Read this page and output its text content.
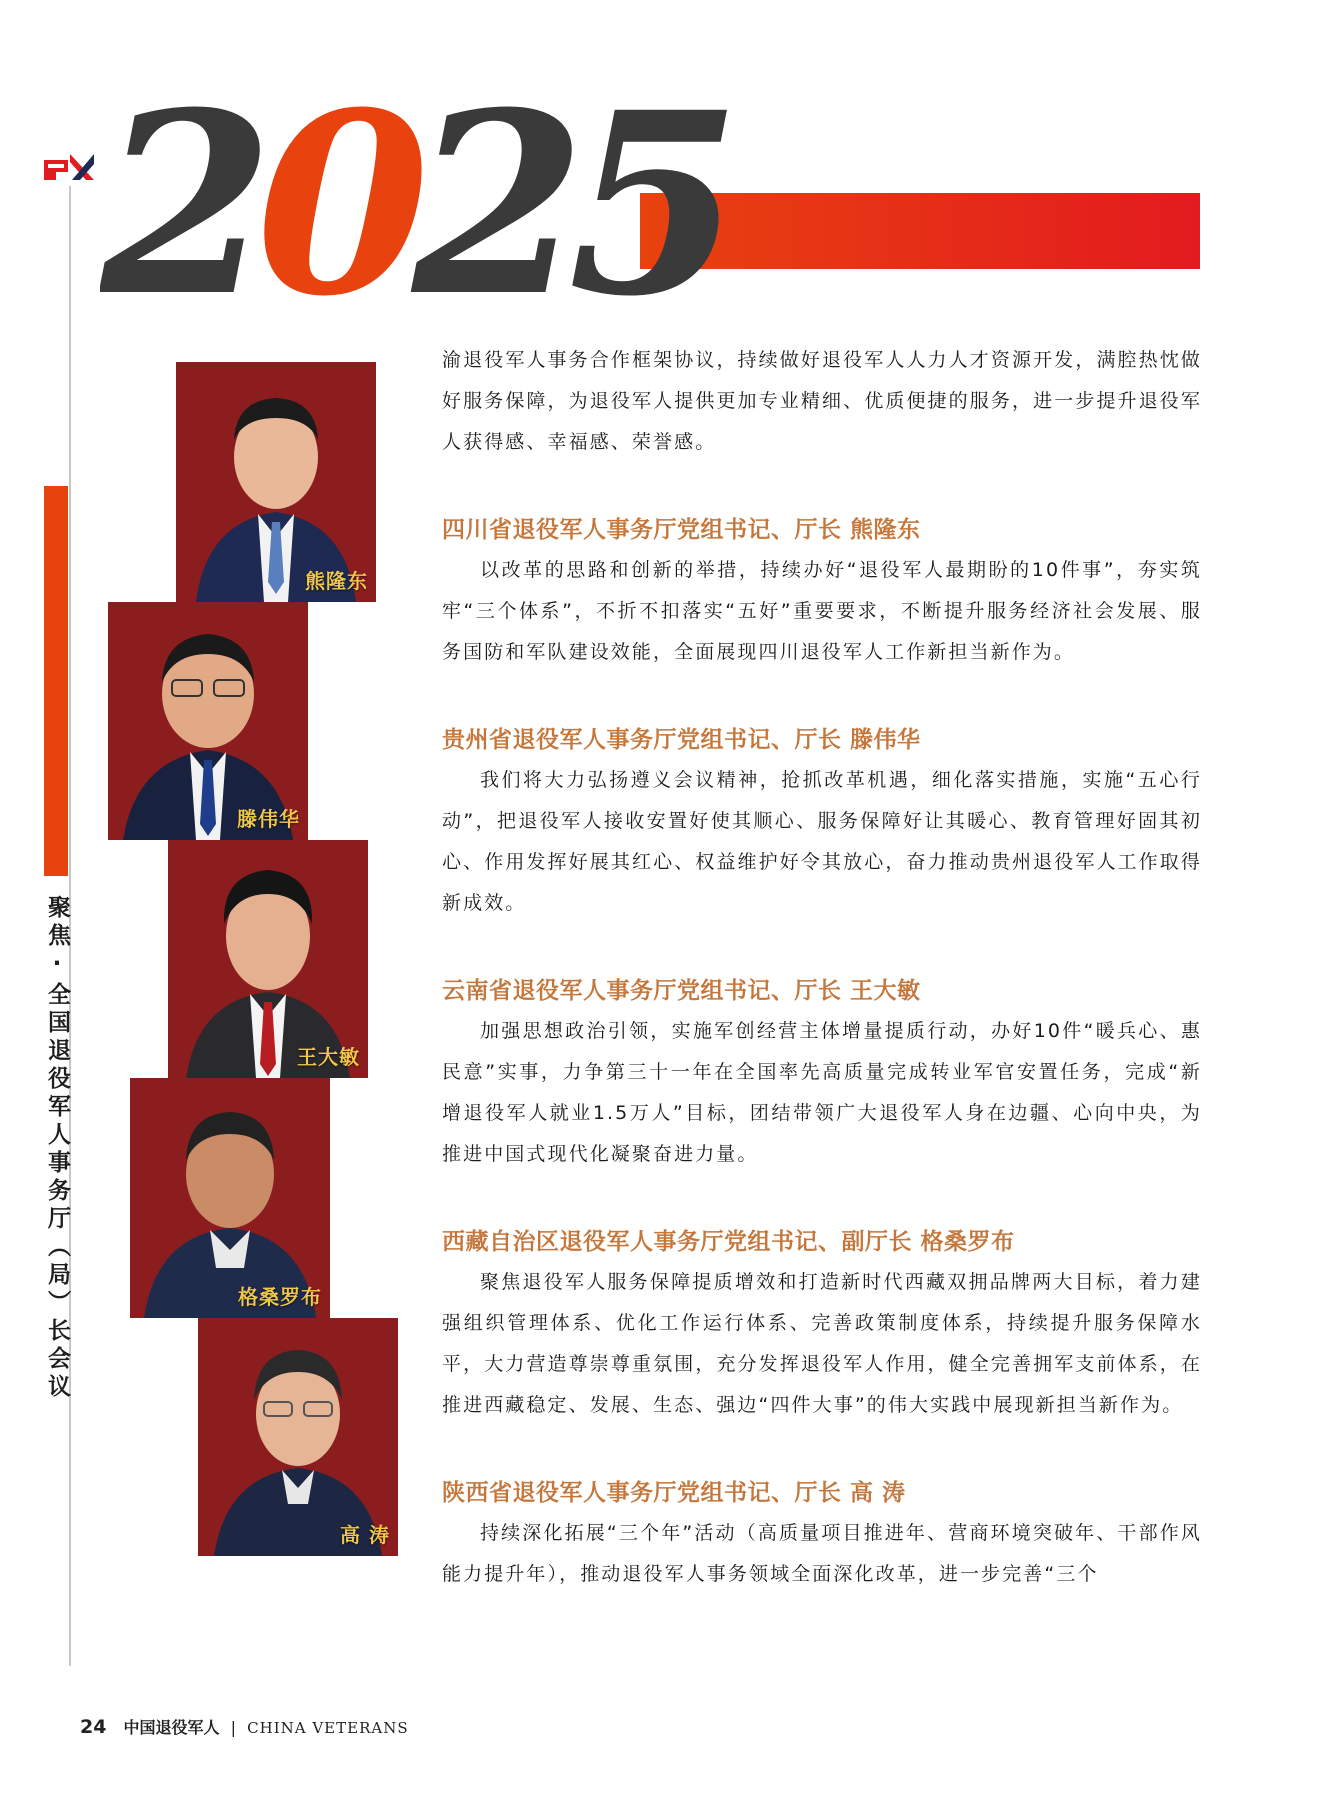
聚焦·全国退役军人事务厅（局）长会议
2025
熊隆东
滕伟华
王大敏
格桑罗布
高 涛

渝退役军人事务合作框架协议，持续做好退役军人人力人才资源开发，满腔热忱做好服务保障，为退役军人提供更加专业精细、优质便捷的服务，进一步提升退役军人获得感、幸福感、荣誉感。

四川省退役军人事务厅党组书记、厅长 熊隆东

以改革的思路和创新的举措，持续办好“退役军人最期盼的10件事”，夯实筑牢“三个体系”，不折不扣落实“五好”重要要求，不断提升服务经济社会发展、服务国防和军队建设效能，全面展现四川退役军人工作新担当新作为。

贵州省退役军人事务厅党组书记、厅长 滕伟华

我们将大力弘扬遵义会议精神，抢抓改革机遇，细化落实措施，实施“五心行动”，把退役军人接收安置好使其顺心、服务保障好让其暖心、教育管理好固其初心、作用发挥好展其红心、权益维护好令其放心，奋力推动贵州退役军人工作取得新成效。

云南省退役军人事务厅党组书记、厅长 王大敏

加强思想政治引领，实施军创经营主体增量提质行动，办好10件“暖兵心、惠民意”实事，力争第三十一年在全国率先高质量完成转业军官安置任务，完成“新增退役军人就业1.5万人”目标，团结带领广大退役军人身在边疆、心向中央，为推进中国式现代化凝聚奋进力量。

西藏自治区退役军人事务厅党组书记、副厅长 格桑罗布

聚焦退役军人服务保障提质增效和打造新时代西藏双拥品牌两大目标，着力建强组织管理体系、优化工作运行体系、完善政策制度体系，持续提升服务保障水平，大力营造尊崇尊重氛围，充分发挥退役军人作用，健全完善拥军支前体系，在推进西藏稳定、发展、生态、强边“四件大事”的伟大实践中展现新担当新作为。

陕西省退役军人事务厅党组书记、厅长 高 涛

持续深化拓展“三个年”活动（高质量项目推进年、营商环境突破年、干部作风能力提升年），推动退役军人事务领域全面深化改革，进一步完善“三个

24 中国退役军人 | CHINA VETERANS
